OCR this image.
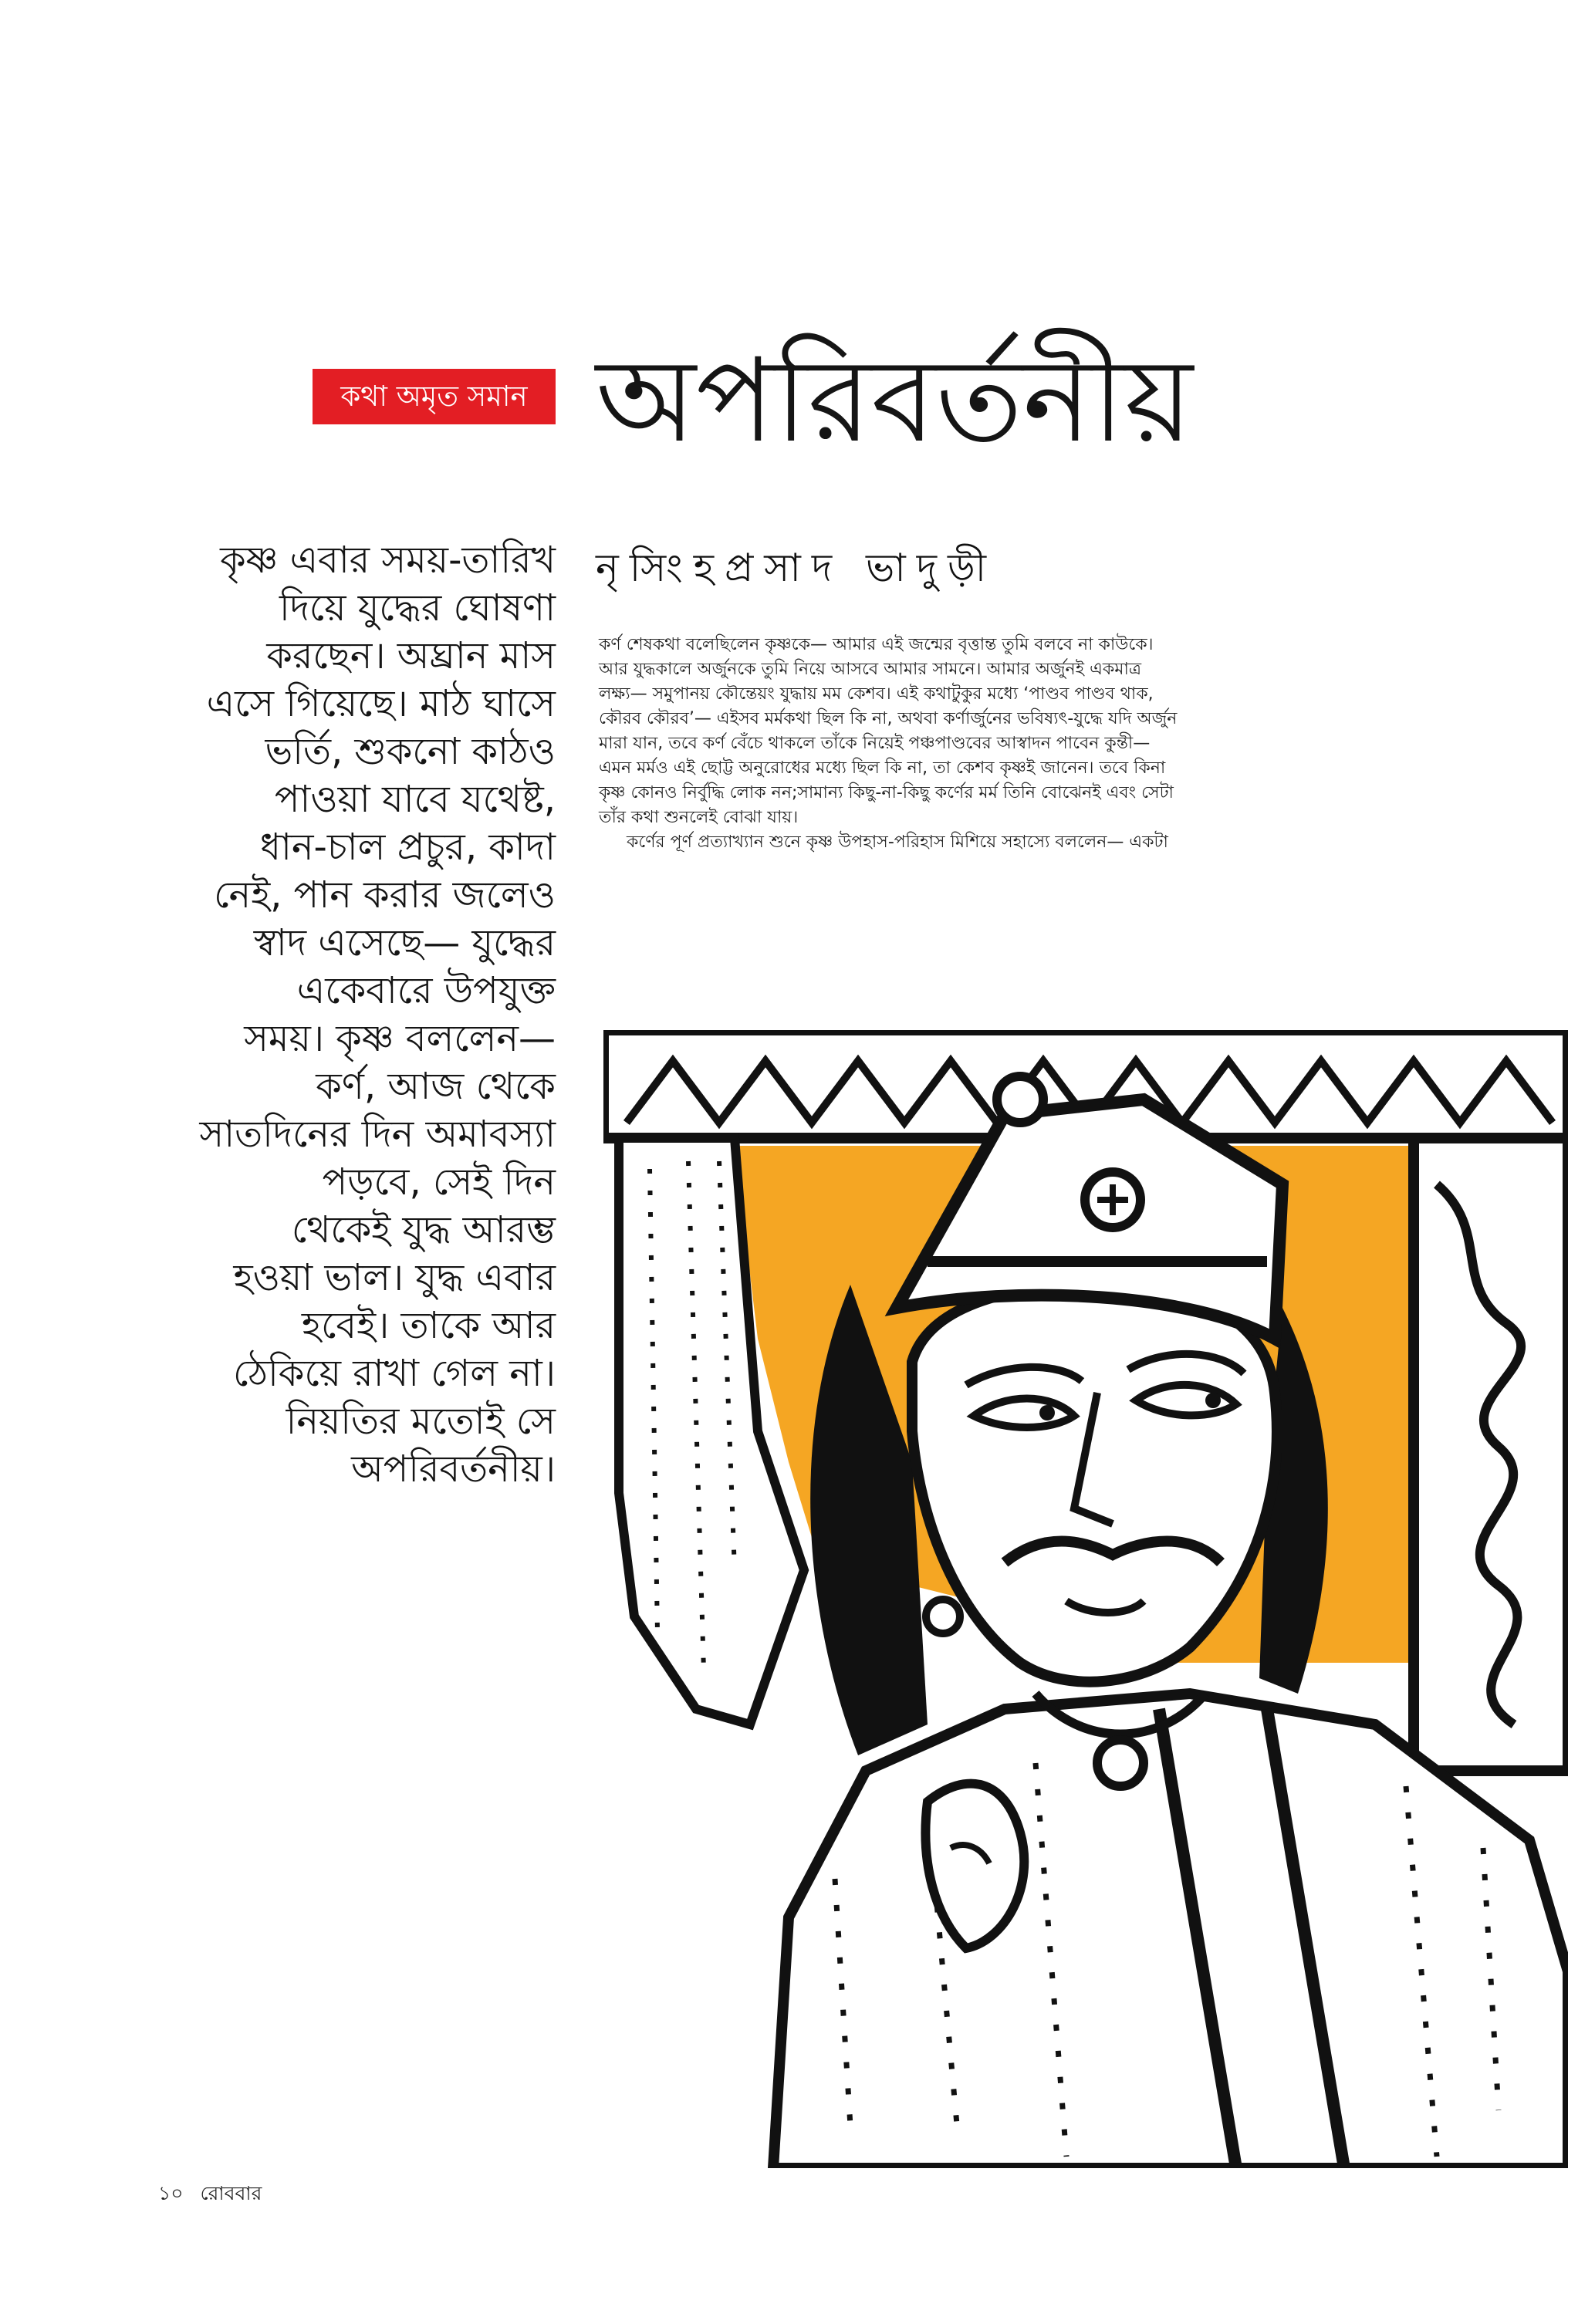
কথা অমৃত সমান অপরিবর্তনীয়

কৃষ্ণ এবার সময়-তারিখ

দিয়ে যুদ্ধের ঘোষণা

করছেন। অঘ্রান মাস

এসে গিয়েছে। মাঠ ঘাসে

ভর্তি, শুকনো কাঠও

পাওয়া যাবে যথেষ্ট,

ধান-চাল প্রচুর, কাদা

নেই, পান করার জলেও

স্বাদ এসেছে— যুদ্ধের

একেবারে উপযুক্ত

সময়। কৃষ্ণ বললেন—

কর্ণ, আজ থেকে

সাতদিনের দিন অমাবস্যা

পড়বে, সেই দিন

থেকেই যুদ্ধ আরম্ভ

হওয়া ভাল। যুদ্ধ এবার

হবেই। তাকে আর

ঠেকিয়ে রাখা গেল না।

নিয়তির মতোই সে

অপরিবর্তনীয়।

নৃসিংহপ্রসাদ ভাদুড়ী

কর্ণ শেষকথা বলেছিলেন কৃষ্ণকে— আমার এই জন্মের বৃত্তান্ত তুমি বলবে না কাউকে।

আর যুদ্ধকালে অর্জুনকে তুমি নিয়ে আসবে আমার সামনে। আমার অর্জুনই একমাত্র

লক্ষ্য— সমুপানয় কৌন্তেয়ং যুদ্ধায় মম কেশব। এই কথাটুকুর মধ্যে ‘পাণ্ডব পাণ্ডব থাক,

কৌরব কৌরব’— এইসব মর্মকথা ছিল কি না, অথবা কর্ণার্জুনের ভবিষ্যৎ-যুদ্ধে যদি অর্জুন

মারা যান, তবে কর্ণ বেঁচে থাকলে তাঁকে নিয়েই পঞ্চপাণ্ডবের আস্বাদন পাবেন কুন্তী—

এমন মর্মও এই ছোট্ট অনুরোধের মধ্যে ছিল কি না, তা কেশব কৃষ্ণই জানেন। তবে কিনা

কৃষ্ণ কোনও নির্বুদ্ধি লোক নন;সামান্য কিছু-না-কিছু কর্ণের মর্ম তিনি বোঝেনই এবং সেটা

তাঁর কথা শুনলেই বোঝা যায়।

কর্ণের পূর্ণ প্রত্যাখ্যান শুনে কৃষ্ণ উপহাস-পরিহাস মিশিয়ে সহাস্যে বললেন— একটা

১০ রোববার
